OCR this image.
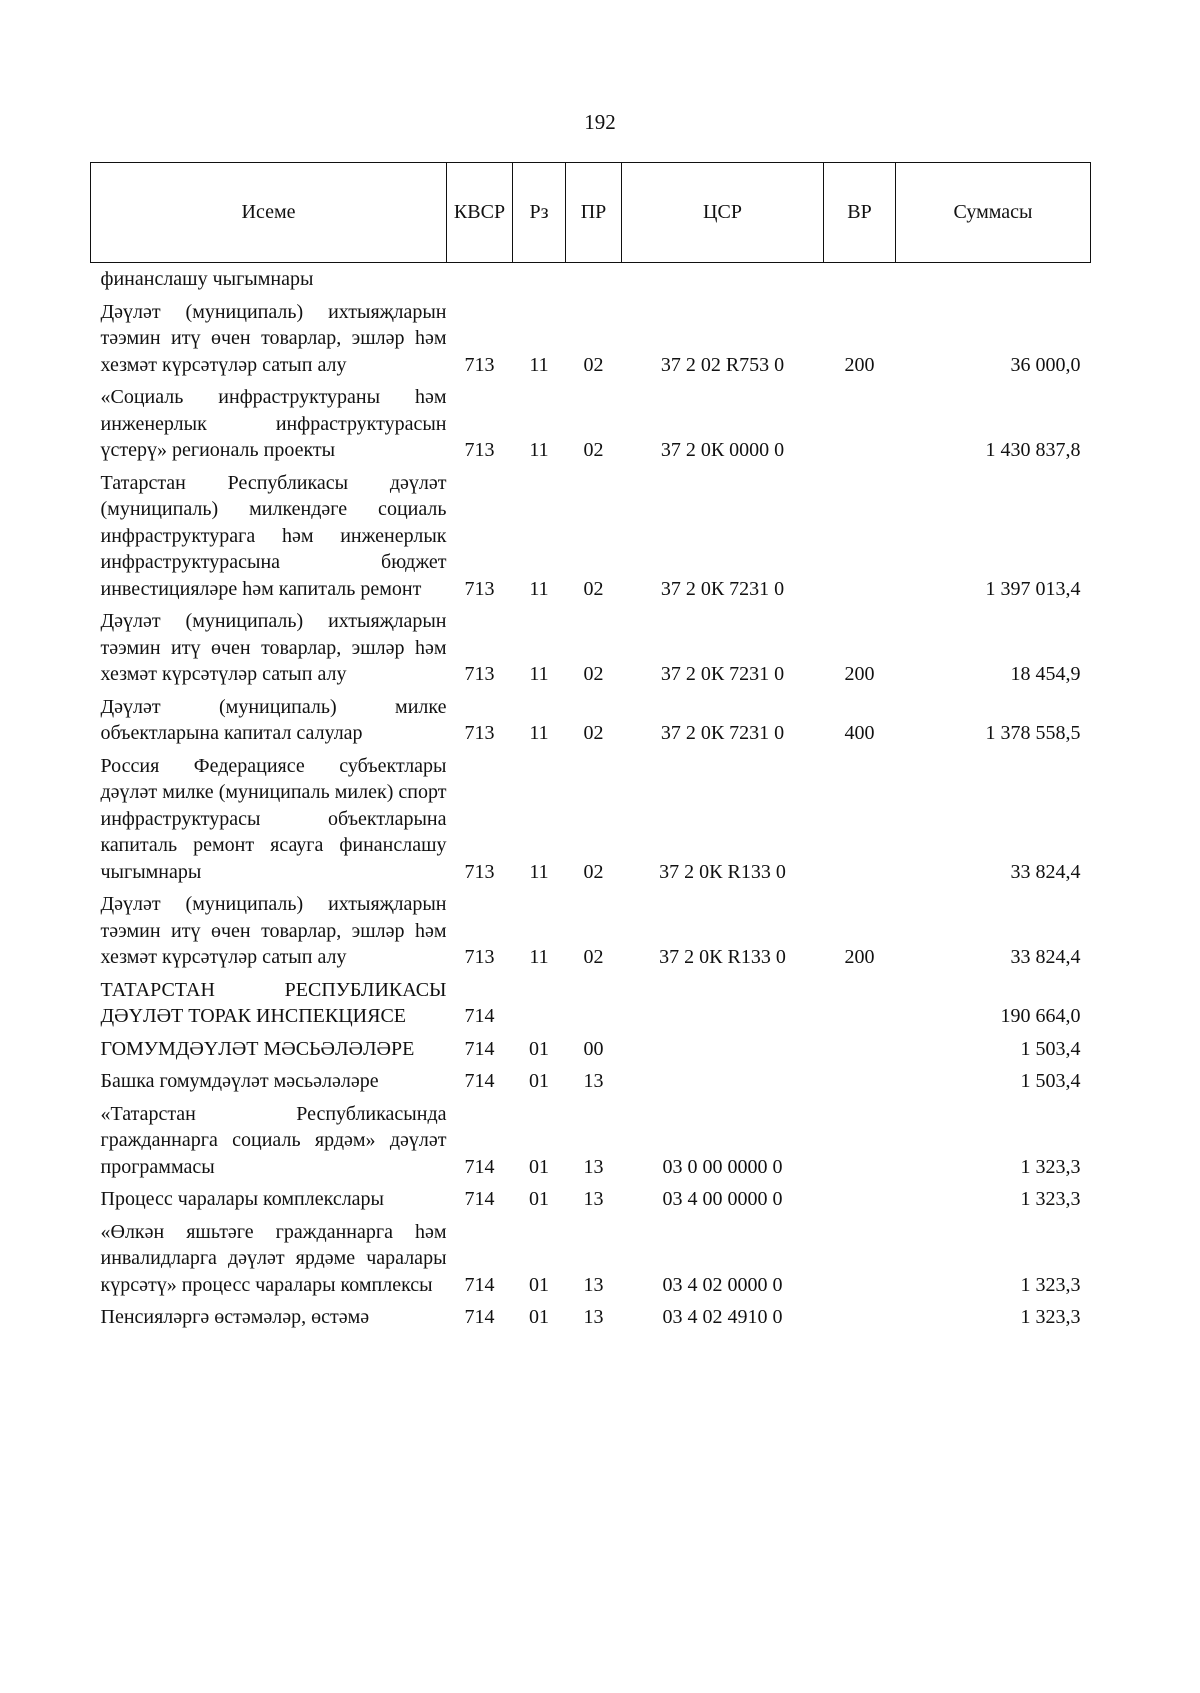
192
Исеме	КВСР	Рз	ПР	ЦСР	ВР	Суммасы
финанслашу чыгымнары						
Дәүләт (муниципаль) ихтыяҗларын тәэмин итү өчен товарлар, эшләр һәм хезмәт күрсәтүләр сатып алу	713	11	02	37 2 02 R753 0	200	36 000,0
«Социаль инфраструктураны һәм инженерлык инфраструктурасын үстерү» региональ проекты	713	11	02	37 2 0К 0000 0		1 430 837,8
Татарстан Республикасы дәүләт (муниципаль) милкендәге социаль инфраструктурага һәм инженерлык инфраструктурасына бюджет инвестицияләре һәм капиталь ремонт	713	11	02	37 2 0К 7231 0		1 397 013,4
Дәүләт (муниципаль) ихтыяҗларын тәэмин итү өчен товарлар, эшләр һәм хезмәт күрсәтүләр сатып алу	713	11	02	37 2 0К 7231 0	200	18 454,9
Дәүләт (муниципаль) милке объектларына капитал салулар	713	11	02	37 2 0К 7231 0	400	1 378 558,5
Россия Федерациясе субъектлары дәүләт милке (муниципаль милек) спорт инфраструктурасы объектларына капиталь ремонт ясауга финанслашу чыгымнары	713	11	02	37 2 0К R133 0		33 824,4
Дәүләт (муниципаль) ихтыяҗларын тәэмин итү өчен товарлар, эшләр һәм хезмәт күрсәтүләр сатып алу	713	11	02	37 2 0К R133 0	200	33 824,4
ТАТАРСТАН РЕСПУБЛИКАСЫ ДӘҮЛӘТ ТОРАК ИНСПЕКЦИЯСЕ	714					190 664,0
ГОМУМДӘҮЛӘТ МӘСЬӘЛӘЛӘРЕ	714	01	00			1 503,4
Башка гомумдәүләт мәсьәләләре	714	01	13			1 503,4
«Татарстан Республикасында гражданнарга социаль ярдәм» дәүләт программасы	714	01	13	03 0 00 0000 0		1 323,3
Процесс чаралары комплекслары	714	01	13	03 4 00 0000 0		1 323,3
«Өлкән яшьтәге гражданнарга һәм инвалидларга дәүләт ярдәме чаралары күрсәтү» процесс чаралары комплексы	714	01	13	03 4 02 0000 0		1 323,3
Пенсияләргә өстәмәләр, өстәмә	714	01	13	03 4 02 4910 0		1 323,3
